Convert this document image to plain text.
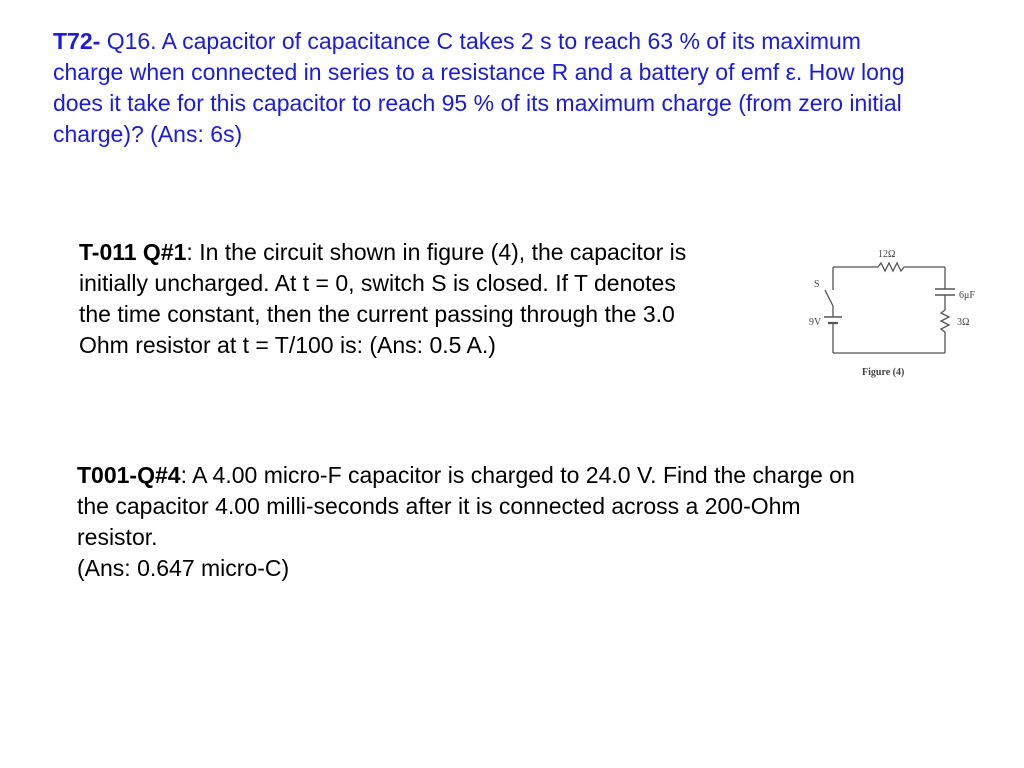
T72- Q16. A capacitor of capacitance C takes 2 s to reach 63 % of its maximum
charge when connected in series to a resistance R and a battery of emf ε. How long
does it take for this capacitor to reach 95 % of its maximum charge (from zero initial
charge)? (Ans: 6s)
T-011 Q#1: In the circuit shown in figure (4), the capacitor is
initially uncharged. At t = 0, switch S is closed. If T denotes
the time constant, then the current passing through the 3.0
Ohm resistor at t = T/100 is: (Ans: 0.5 A.)
12Ω
S
6μF
9V	3Ω
Figure (4)
T001-Q#4: A 4.00 micro-F capacitor is charged to 24.0 V. Find the charge on
the capacitor 4.00 milli-seconds after it is connected across a 200-Ohm
resistor.
(Ans: 0.647 micro-C)
